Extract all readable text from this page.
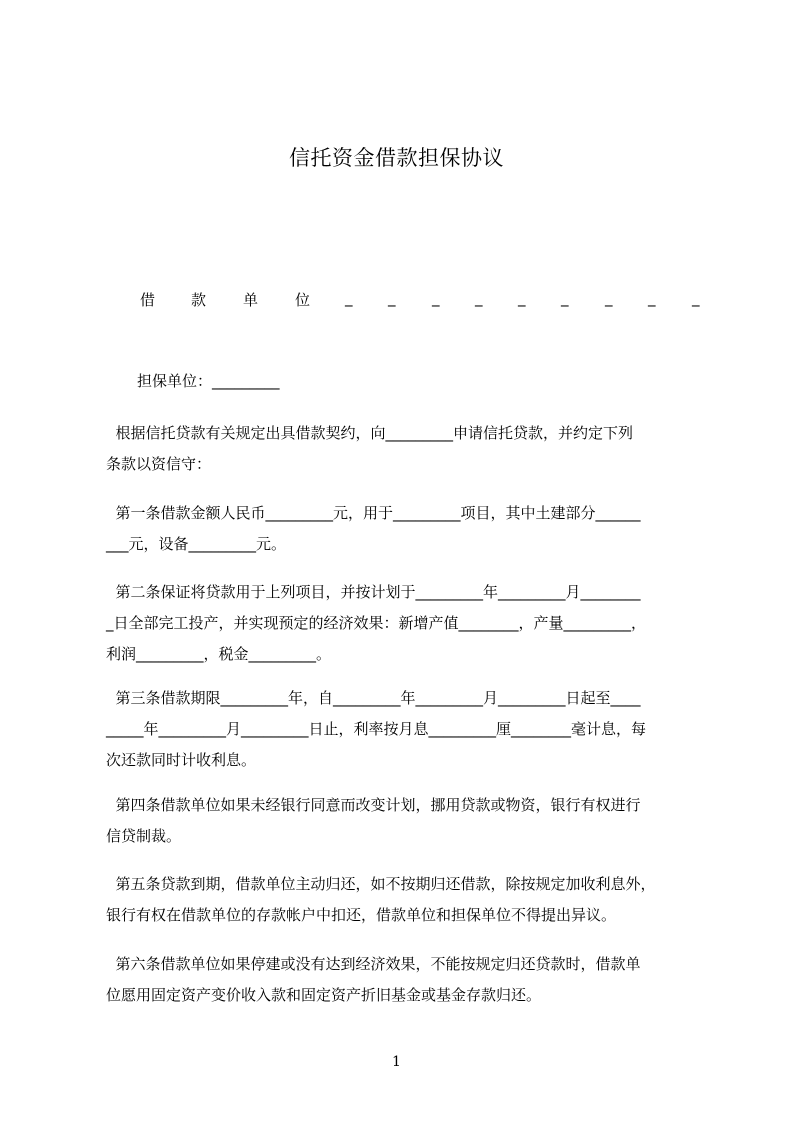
信托资金借款担保协议
借 款 单 位 _ _ _ _ _ _ _ _ _
担保单位：_________
根据信托贷款有关规定出具借款契约，向_________申请信托贷款，并约定下列
条款以资信守：
第一条借款金额人民币_________元，用于_________项目，其中土建部分______
___元，设备_________元。
第二条保证将贷款用于上列项目，并按计划于_________年_________月________
_日全部完工投产，并实现预定的经济效果：新增产值________，产量_________，
利润_________，税金_________。
第三条借款期限_________年，自_________年_________月_________日起至____
_____年_________月_________日止，利率按月息_________厘________毫计息，每
次还款同时计收利息。
第四条借款单位如果未经银行同意而改变计划，挪用贷款或物资，银行有权进行
信贷制裁。
第五条贷款到期，借款单位主动归还，如不按期归还借款，除按规定加收利息外，
银行有权在借款单位的存款帐户中扣还，借款单位和担保单位不得提出异议。
第六条借款单位如果停建或没有达到经济效果，不能按规定归还贷款时，借款单
位愿用固定资产变价收入款和固定资产折旧基金或基金存款归还。
1
